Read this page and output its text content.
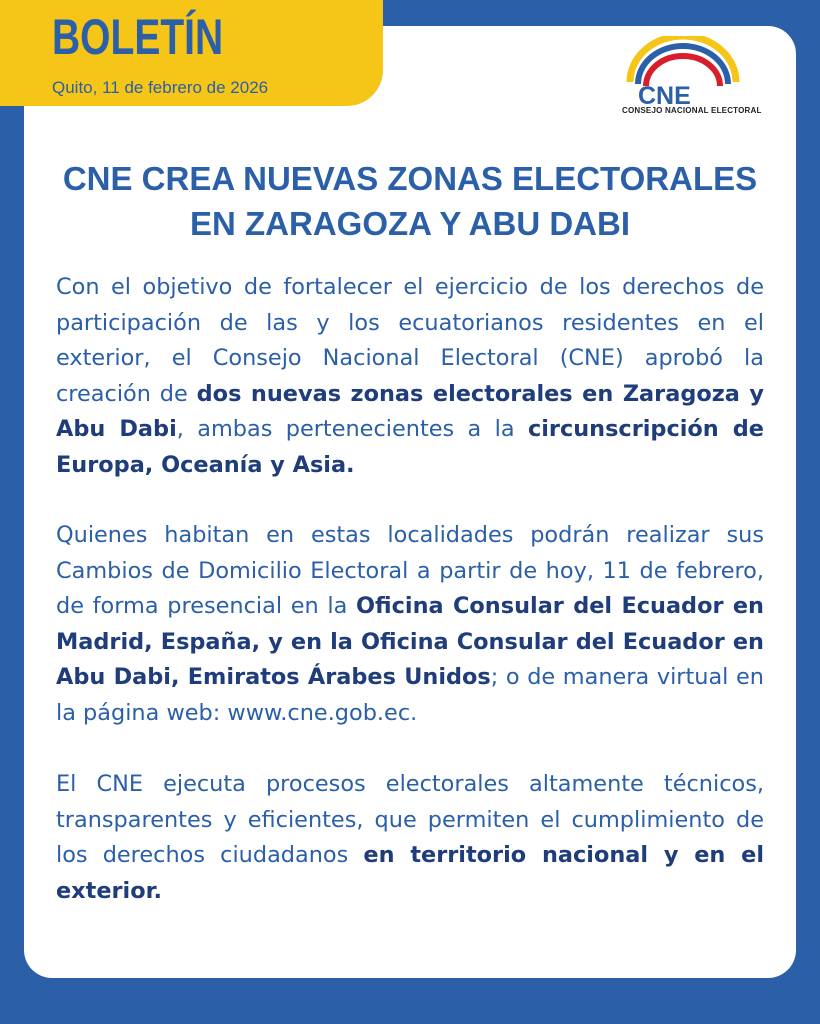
BOLETÍN
Quito, 11 de febrero de 2026	CNE
CONSEJO NACIONAL ELECTORAL
CNE CREA NUEVAS ZONAS ELECTORALES
EN ZARAGOZA Y ABU DABI
Con el objetivo de fortalecer el ejercicio de los derechos de participación de las y los ecuatorianos residentes en el exterior, el Consejo Nacional Electoral (CNE) aprobó la creación de dos nuevas zonas electorales en Zaragoza y Abu Dabi, ambas pertenecientes a la circunscripción de Europa, Oceanía y Asia.
Quienes habitan en estas localidades podrán realizar sus Cambios de Domicilio Electoral a partir de hoy, 11 de febrero, de forma presencial en la Oficina Consular del Ecuador en Madrid, España, y en la Oficina Consular del Ecuador en Abu Dabi, Emiratos Árabes Unidos; o de manera virtual en la página web: www.cne.gob.ec.
El CNE ejecuta procesos electorales altamente técnicos, transparentes y eficientes, que permiten el cumplimiento de los derechos ciudadanos en territorio nacional y en el exterior.
